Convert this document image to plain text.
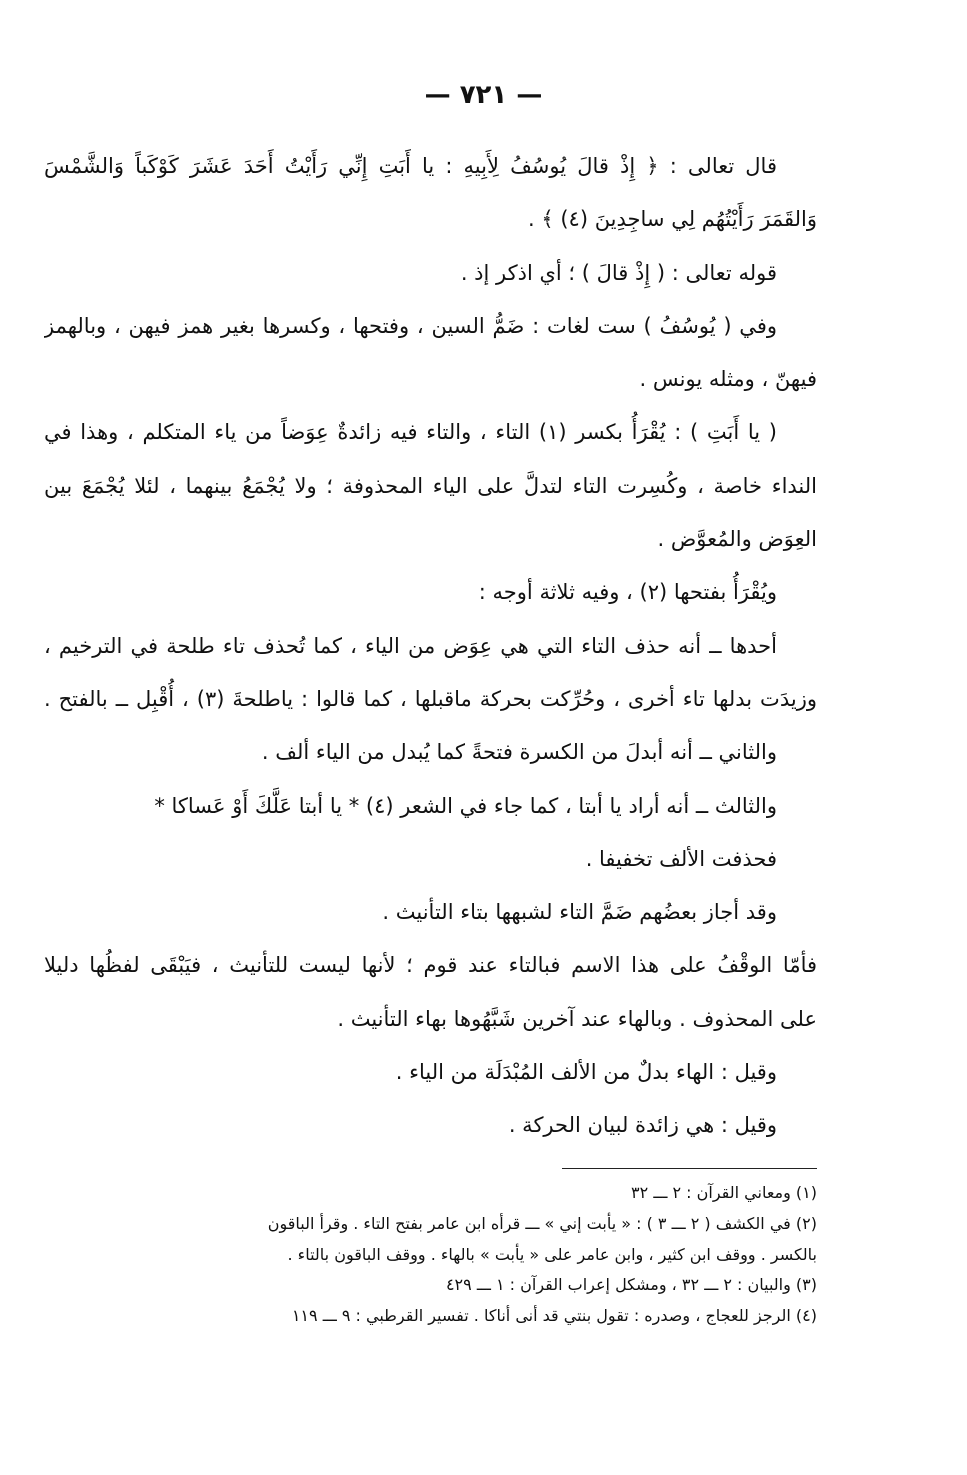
— ۷۲۱ —
قال تعالى : ﴿ إِذْ قالَ يُوسُفُ لِأَبِيهِ : يا أَبَتِ إِنِّي رَأَيْتُ أَحَدَ عَشَرَ كَوْكَباً وَالشَّمْسَ
وَالقَمَرَ رَأَيْتُهُم لِي ساجِدِينَ (٤) ﴾ .
قوله تعالى : ( إِذْ قالَ ) ؛ أي اذكر إذ .
وفي ( يُوسُفُ ) ست لغات : ضَمُّ السين ، وفتحها ، وكسرها بغير همز فيهن ، وبالهمز
فيهنّ ، ومثله يونس .
( يا أَبَتِ ) : يُقْرَأُ بكسر (١) التاء ، والتاء فيه زائدةٌ عِوَضاً من ياء المتكلم ، وهذا في
النداء خاصة ، وكُسِرت التاء لتدلَّ على الياء المحذوفة ؛ ولا يُجْمَعُ بينهما ، لئلا يُجْمَعَ بين
العِوَض والمُعوَّض .
ويُقْرَأُ بفتحها (٢) ، وفيه ثلاثة أوجه :
أحدها ــ أنه حذف التاء التي هي عِوَض من الياء ، كما تُحذف تاء طلحة في الترخيم ،
وزيدَت بدلها تاء أخرى ، وحُرِّكت بحركة ماقبلها ، كما قالوا : ياطلحةَ (٣) ، أُقْبِل ــ بالفتح .
والثاني ــ أنه أبدلَ من الكسرة فتحةً كما يُبدل من الياء ألف .
والثالث ــ أنه أراد يا أبتا ، كما جاء في الشعر (٤) * يا أبتا عَلَّكَ أَوْ عَساكا *
فحذفت الألف تخفيفا .
وقد أجاز بعضُهم ضَمَّ التاء لشبهها بتاء التأنيث .
فأمّا الوقْفُ على هذا الاسم فبالتاء عند قوم ؛ لأنها ليست للتأنيث ، فيَبْقَى لفظُها دليلا
على المحذوف . وبالهاء عند آخرين شَبَّهُوها بهاء التأنيث .
وقيل : الهاء بدلٌ من الألف المُبْدَلَة من الياء .
وقيل : هي زائدة لبيان الحركة .
(١) ومعاني القرآن : ٢ ـــ ٣٢
(٢) في الكشف ( ٢ ـــ ٣ ) : « يأبت إني » ـــ قرأه ابن عامر بفتح التاء . وقرأ الباقون
بالكسر . ووقف ابن كثير ، وابن عامر على « يأبت » بالهاء . ووقف الباقون بالتاء .
(٣) والبيان : ٢ ـــ ٣٢ ، ومشكل إعراب القرآن : ١ ـــ ٤٢٩
(٤) الرجز للعجاج ، وصدره : تقول بنتي قد أنى أناكا . تفسير القرطبي : ٩ ـــ ١١٩
